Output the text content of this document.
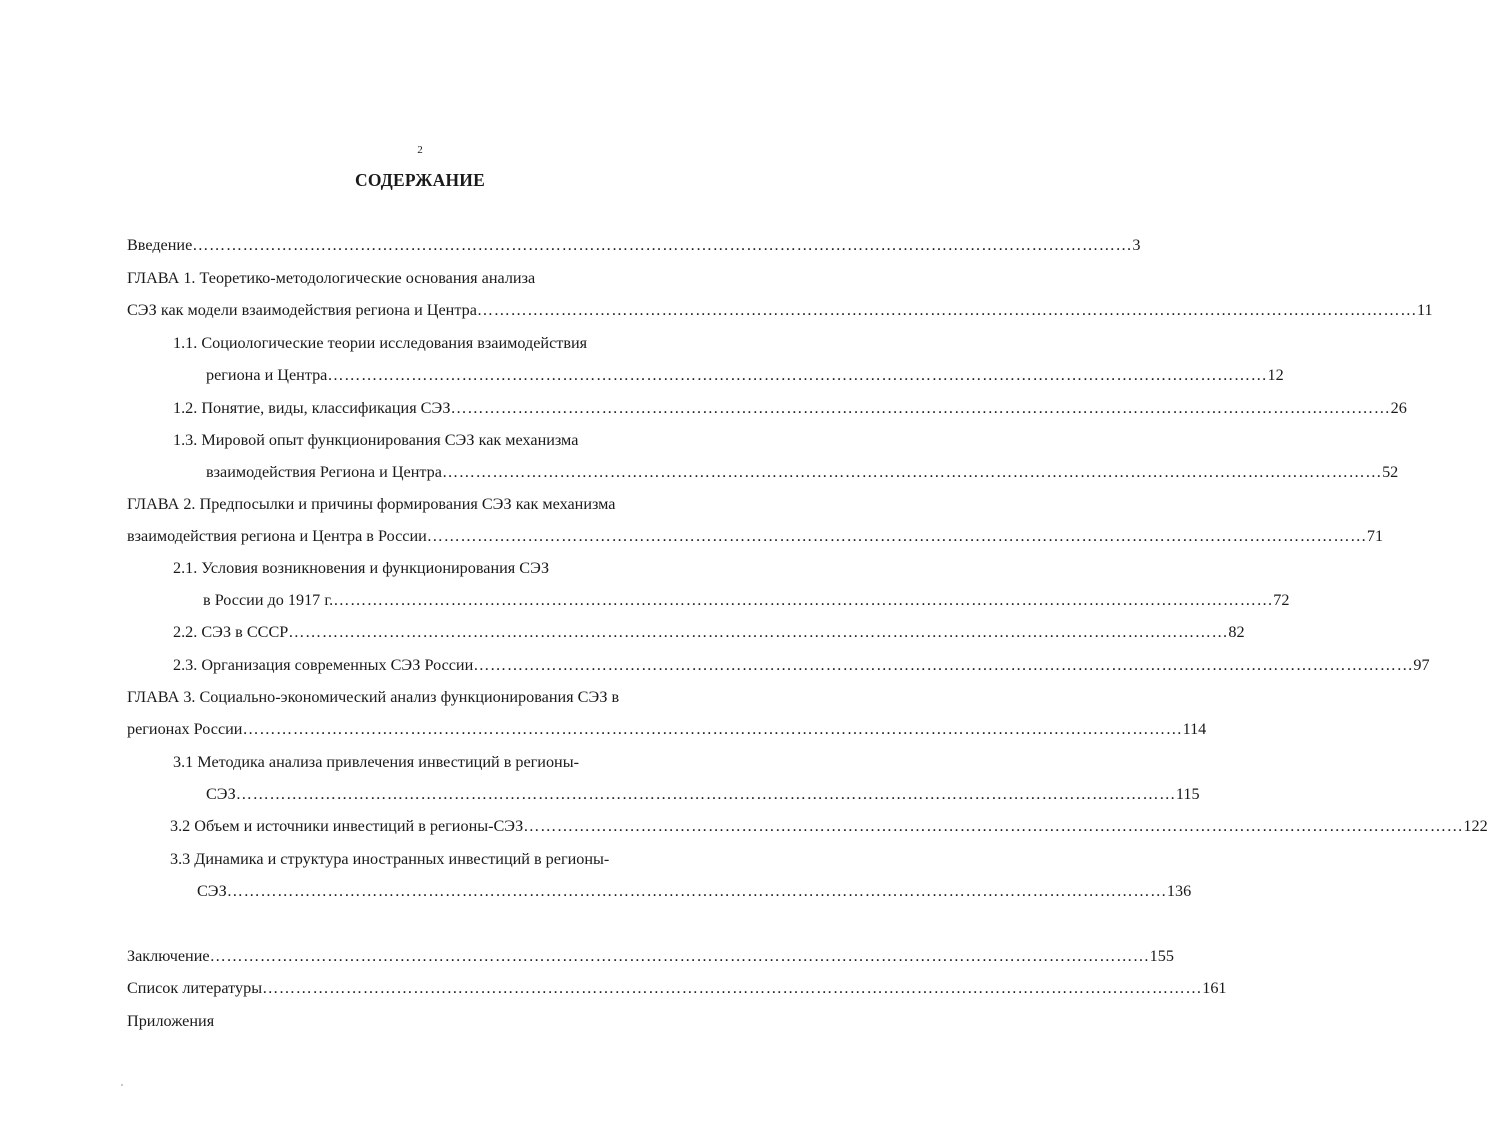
2
СОДЕРЖАНИЕ
Введение …………………………………………………………………………………………………………………………………………………… 3
ГЛАВА 1. Теоретико-методологические основания анализа
СЭЗ как модели взаимодействия региона и Центра …………………………………………………………………………………………………………………………………………………… 11
1.1. Социологические теории исследования взаимодействия
региона и Центра …………………………………………………………………………………………………………………………………………………… 12
1.2. Понятие, виды, классификация СЭЗ …………………………………………………………………………………………………………………………………………………… 26
1.3. Мировой опыт функционирования СЭЗ как механизма
взаимодействия Региона и Центра …………………………………………………………………………………………………………………………………………………… 52
ГЛАВА 2. Предпосылки и причины формирования СЭЗ как механизма
взаимодействия региона и Центра в России …………………………………………………………………………………………………………………………………………………… 71
2.1. Условия возникновения и функционирования СЭЗ
в России до 1917 г. …………………………………………………………………………………………………………………………………………………… 72
2.2. СЭЗ в СССР …………………………………………………………………………………………………………………………………………………… 82
2.3. Организация современных СЭЗ России …………………………………………………………………………………………………………………………………………………… 97
ГЛАВА 3. Социально-экономический анализ функционирования СЭЗ в
регионах России …………………………………………………………………………………………………………………………………………………… 114
3.1 Методика анализа привлечения инвестиций в регионы-
СЭЗ …………………………………………………………………………………………………………………………………………………… 115
3.2 Объем и источники инвестиций в регионы-СЭЗ …………………………………………………………………………………………………………………………………………………… 122
3.3 Динамика и структура иностранных инвестиций в регионы-
СЭЗ …………………………………………………………………………………………………………………………………………………… 136
Заключение …………………………………………………………………………………………………………………………………………………… 155
Список литературы …………………………………………………………………………………………………………………………………………………… 161
Приложения
